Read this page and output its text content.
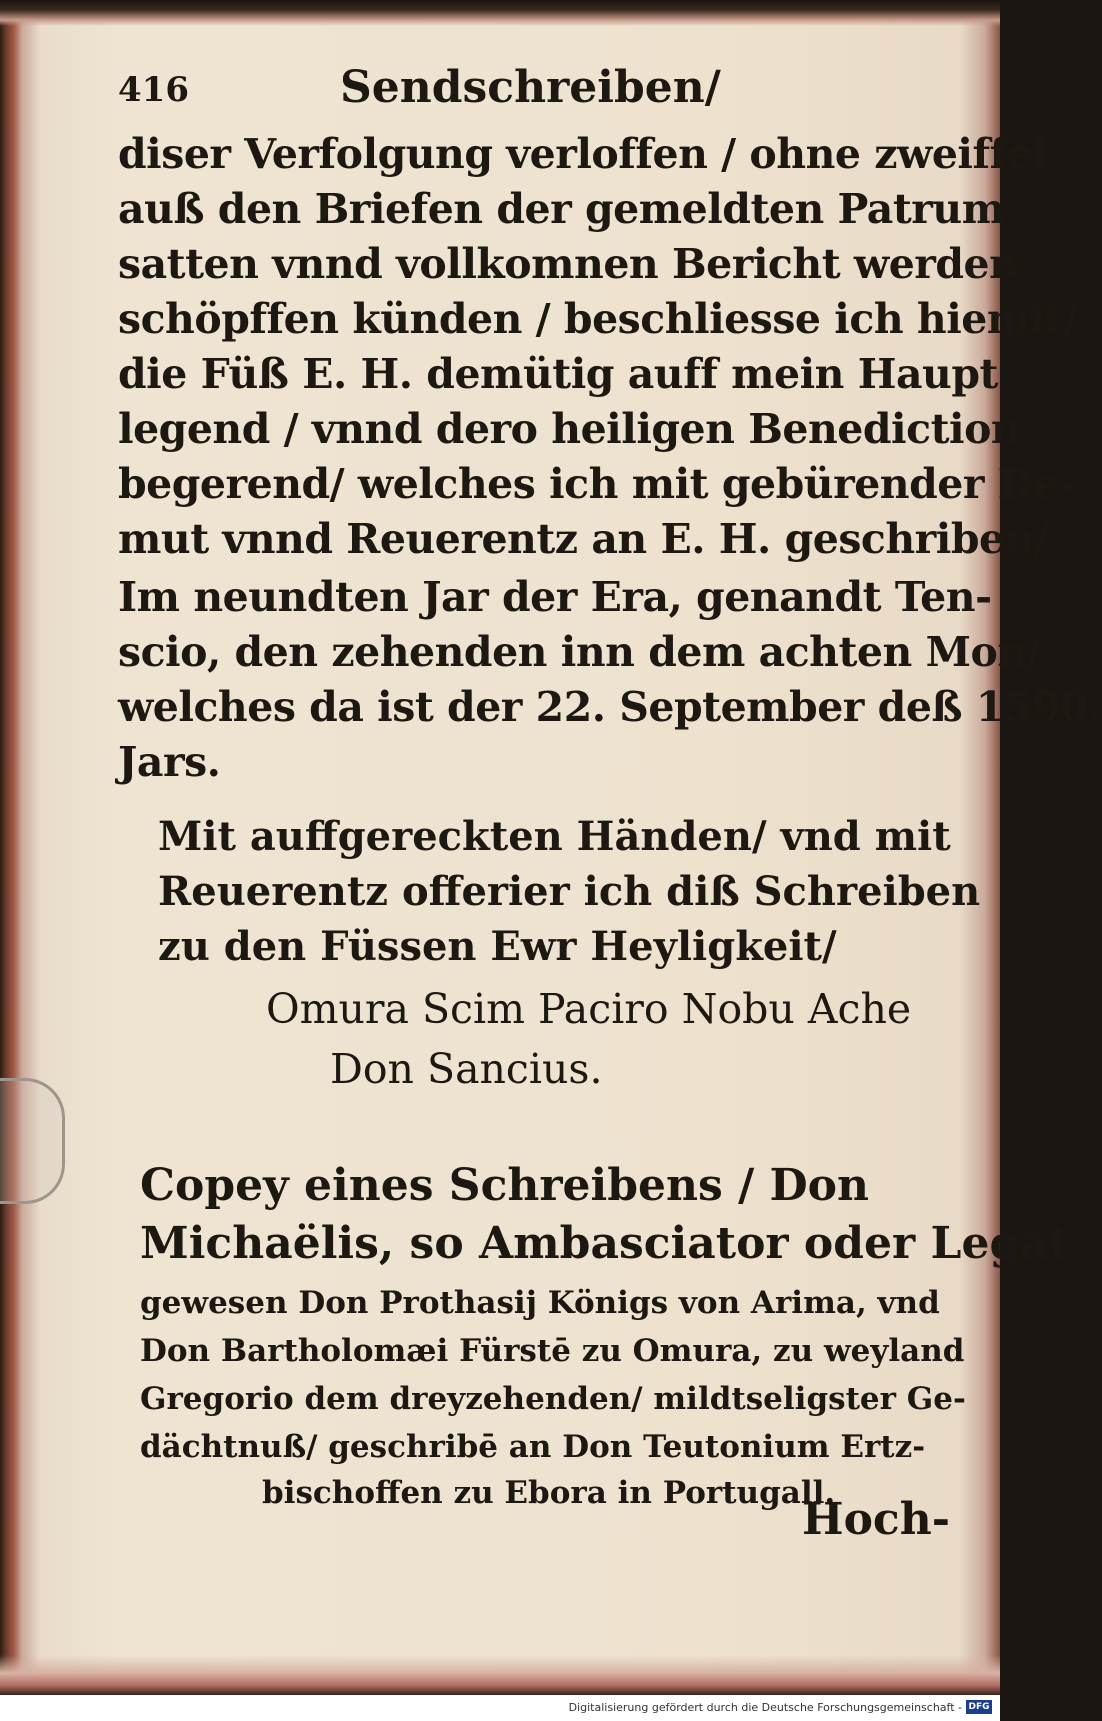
416	Sendschreiben/
diser Verfolgung verloffen / ohne zweiffel
auß den Briefen der gemeldten Patrum
satten vnnd vollkomnen Bericht werden
schöpffen künden / beschliesse ich hiemit/
die Füß E. H. demütig auff mein Haupt
legend / vnnd dero heiligen Benediction
begerend/ welches ich mit gebürender De-
mut vnnd Reuerentz an E. H. geschriben/
Im neundten Jar der Era, genandt Ten-
scio, den zehenden inn dem achten Mon/
welches da ist der 22. September deß 1590.
Jars.
Mit auffgereckten Händen/ vnd mit
Reuerentz offerier ich diß Schreiben
zu den Füssen Ewr Heyligkeit/
Omura Scim Paciro Nobu Ache
Don Sancius.
Copey eines Schreibens / Don
Michaëlis, so Ambasciator oder Legat
gewesen Don Prothasij Königs von Arima, vnd
Don Bartholomæi Fürstē zu Omura, zu weyland
Gregorio dem dreyzehenden/ mildtseligster Ge-
dächtnuß/ geschribē an Don Teutonium Ertz-
bischoffen zu Ebora in Portugall.
Hoch-
Digitalisierung gefördert durch die Deutsche Forschungsgemeinschaft - DFG
